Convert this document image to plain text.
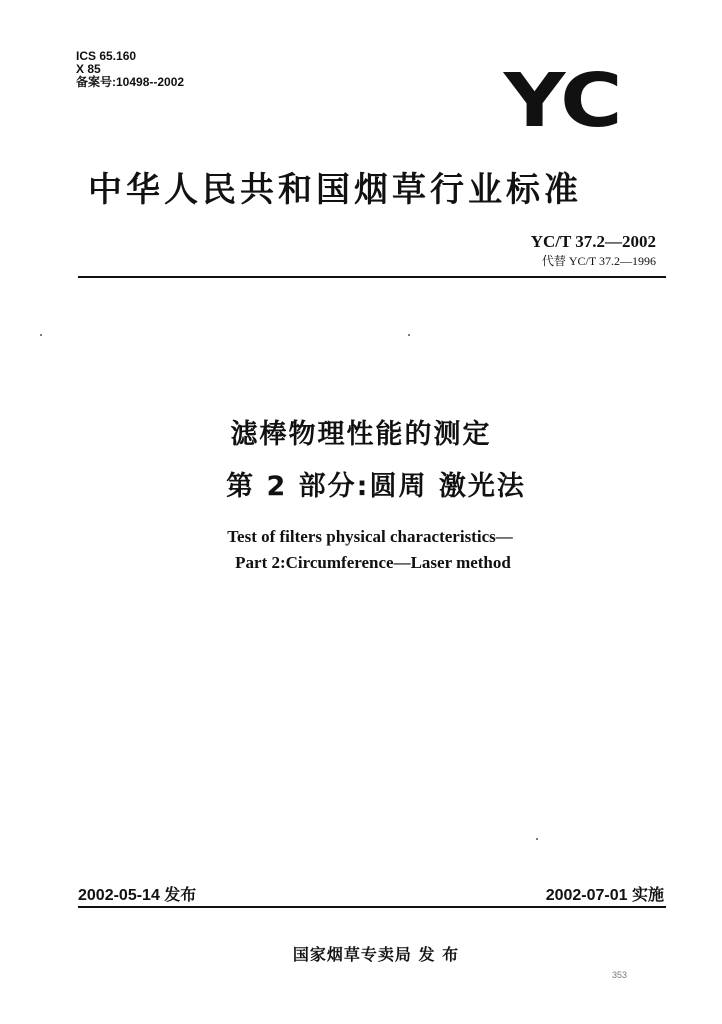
ICS 65.160
X 85
备案号:10498--2002	YC
中华人民共和国烟草行业标准
YC/T 37.2—2002
代替 YC/T 37.2—1996
滤棒物理性能的测定
第 2 部分:圆周 激光法
Test of filters physical characteristics—
Part 2:Circumference—Laser method
2002-05-14 发布	2002-07-01 实施
国家烟草专卖局 发 布
353
